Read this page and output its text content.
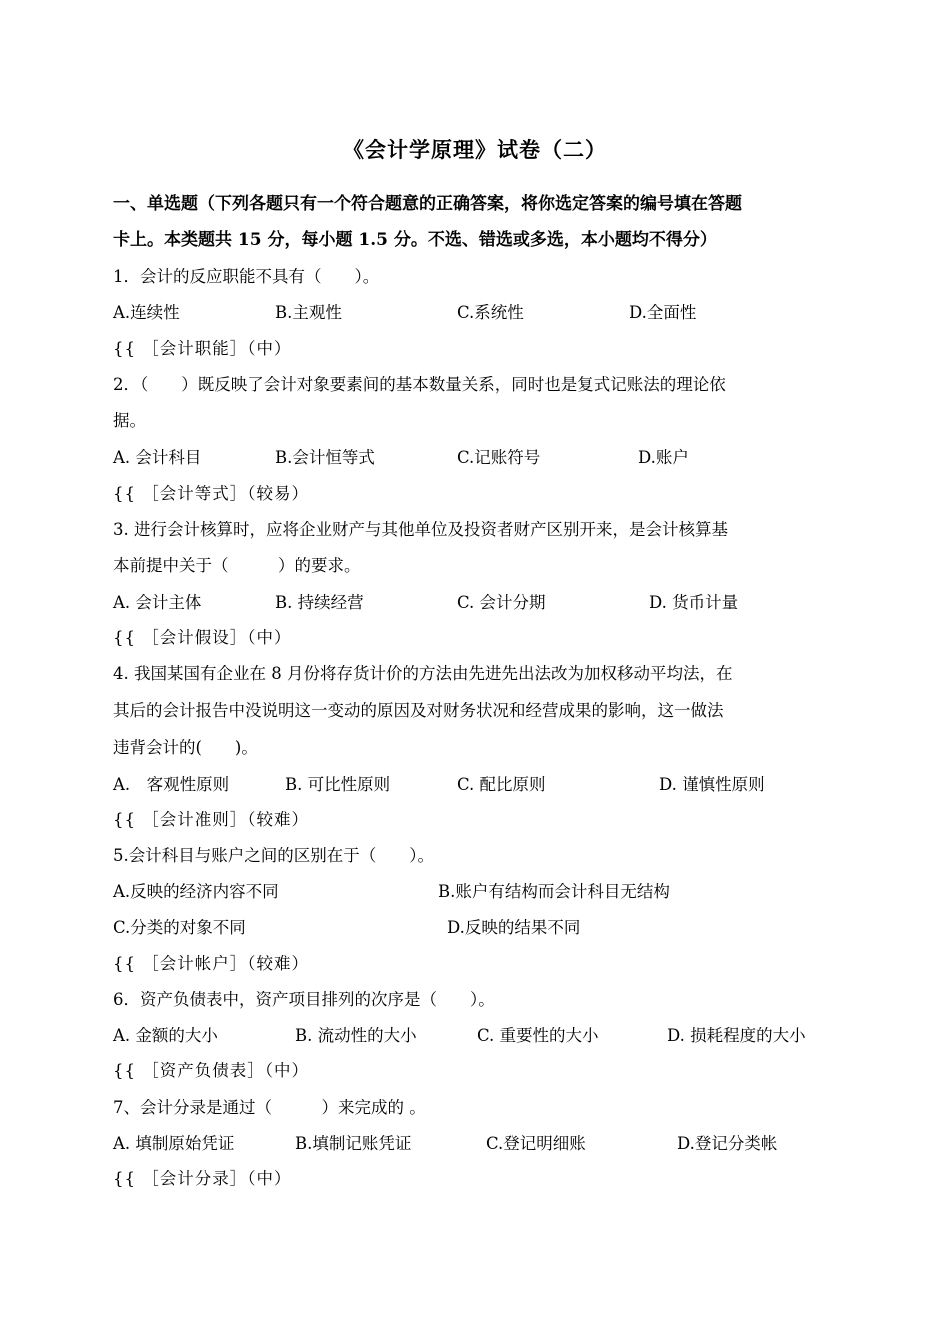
《会计学原理》试卷（二）
一、单选题（下列各题只有一个符合题意的正确答案，将你选定答案的编号填在答题
卡上。本类题共 15 分，每小题 1.5 分。不选、错选或多选，本小题均不得分）
1．会计的反应职能不具有（　　）。
A.连续性	B.主观性	C.系统性	D.全面性
{{ ［会计职能］（中）
2．（　　）既反映了会计对象要素间的基本数量关系，同时也是复式记账法的理论依
据。
A. 会计科目	B.会计恒等式	C.记账符号	D.账户
{{ ［会计等式］（较易）
3. 进行会计核算时，应将企业财产与其他单位及投资者财产区别开来，是会计核算基
本前提中关于（　　　）的要求。
A. 会计主体	B. 持续经营	C. 会计分期	D. 货币计量
{{ ［会计假设］（中）
4. 我国某国有企业在 8 月份将存货计价的方法由先进先出法改为加权移动平均法，在
其后的会计报告中没说明这一变动的原因及对财务状况和经营成果的影响，这一做法
违背会计的(　　)。
A.　客观性原则	B. 可比性原则	C. 配比原则	D. 谨慎性原则
{{ ［会计准则］（较难）
5.会计科目与账户之间的区别在于（　　）。
A.反映的经济内容不同	B.账户有结构而会计科目无结构
C.分类的对象不同	D.反映的结果不同
{{ ［会计帐户］（较难）
6．资产负债表中，资产项目排列的次序是（　　）。
A. 金额的大小	B. 流动性的大小	C. 重要性的大小	D. 损耗程度的大小
{{ ［资产负债表］（中）
7、会计分录是通过（　　　）来完成的 。
A. 填制原始凭证	B.填制记账凭证	C.登记明细账	D.登记分类帐
{{ ［会计分录］（中）
